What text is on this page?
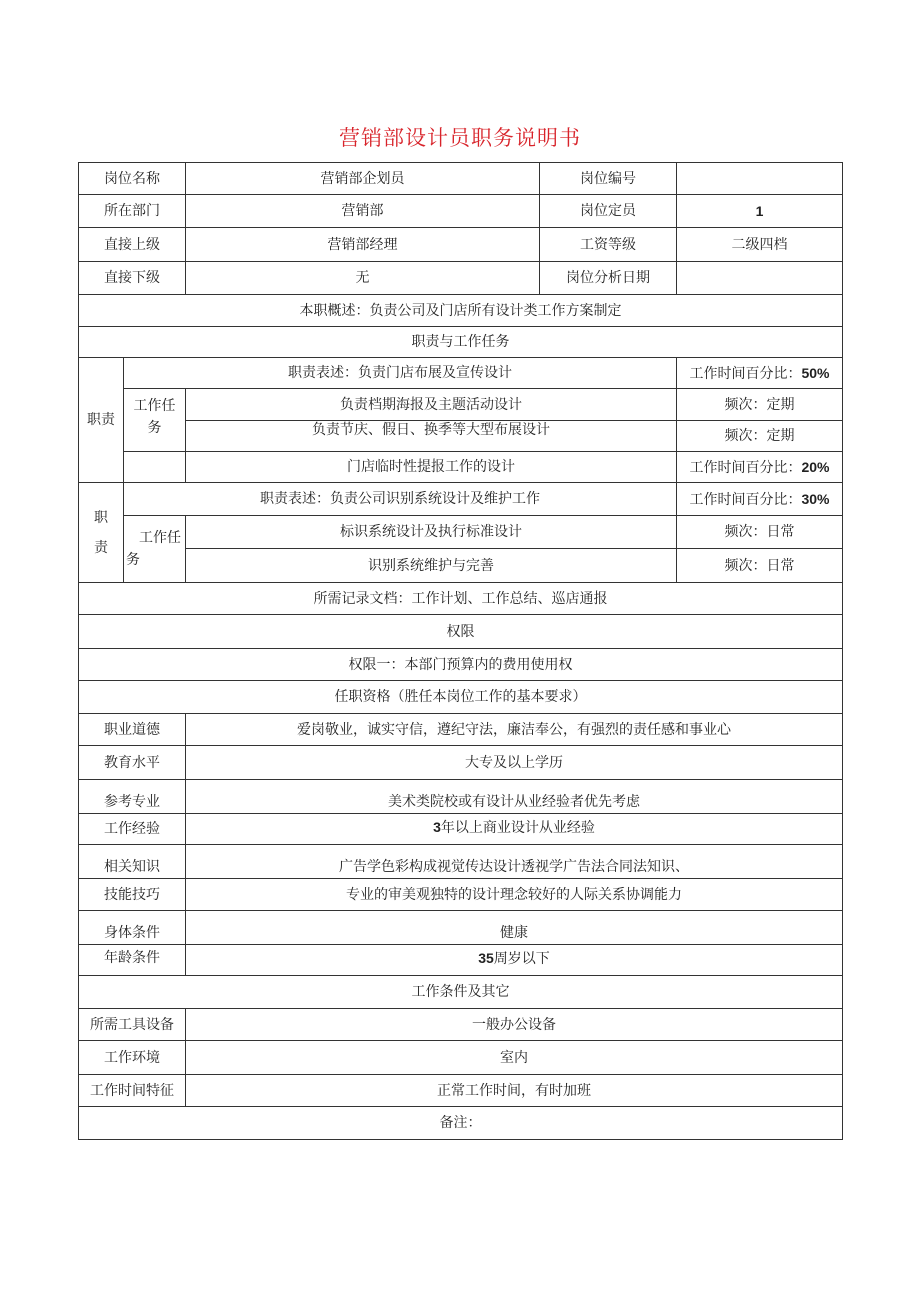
营销部设计员职务说明书
岗位名称		营销部企划员	岗位编号	
所在部门		营销部	岗位定员	1
直接上级		营销部经理	工资等级	二级四档
直接下级		无	岗位分析日期	
本职概述：负责公司及门店所有设计类工作方案制定				
职责与工作任务				
职责	职责表述：负责门店布展及宣传设计			工作时间百分比：50%

	工作任
务	负责档期海报及主题活动设计		频次：定期
		负责节庆、假日、换季等大型布展设计		频次：定期
		门店临时性提报工作的设计		工作时间百分比：20%

职
责	职责表述：负责公司识别系统设计及维护工作			工作时间百分比：30%

	工作任
务	标识系统设计及执行标准设计		频次：日常
		识别系统维护与完善		频次：日常
所需记录文档：工作计划、工作总结、巡店通报				
权限				
权限一：本部门预算内的费用使用权				
任职资格（胜任本岗位工作的基本要求）				
职业道德		爱岗敬业，诚实守信，遵纪守法，廉洁奉公，有强烈的责任感和事业心		
教育水平		大专及以上学历		
参考专业		美术类院校或有设计从业经验者优先考虑		
工作经验		3年以上商业设计从业经验		
相关知识		广告学色彩构成视觉传达设计透视学广告法合同法知识、		
技能技巧		专业的审美观独特的设计理念较好的人际关系协调能力		
身体条件		健康		
年龄条件		35周岁以下		
工作条件及其它				
所需工具设备		一般办公设备		
工作环境		室内		
工作时间特征		正常工作时间，有时加班		
备注：				
